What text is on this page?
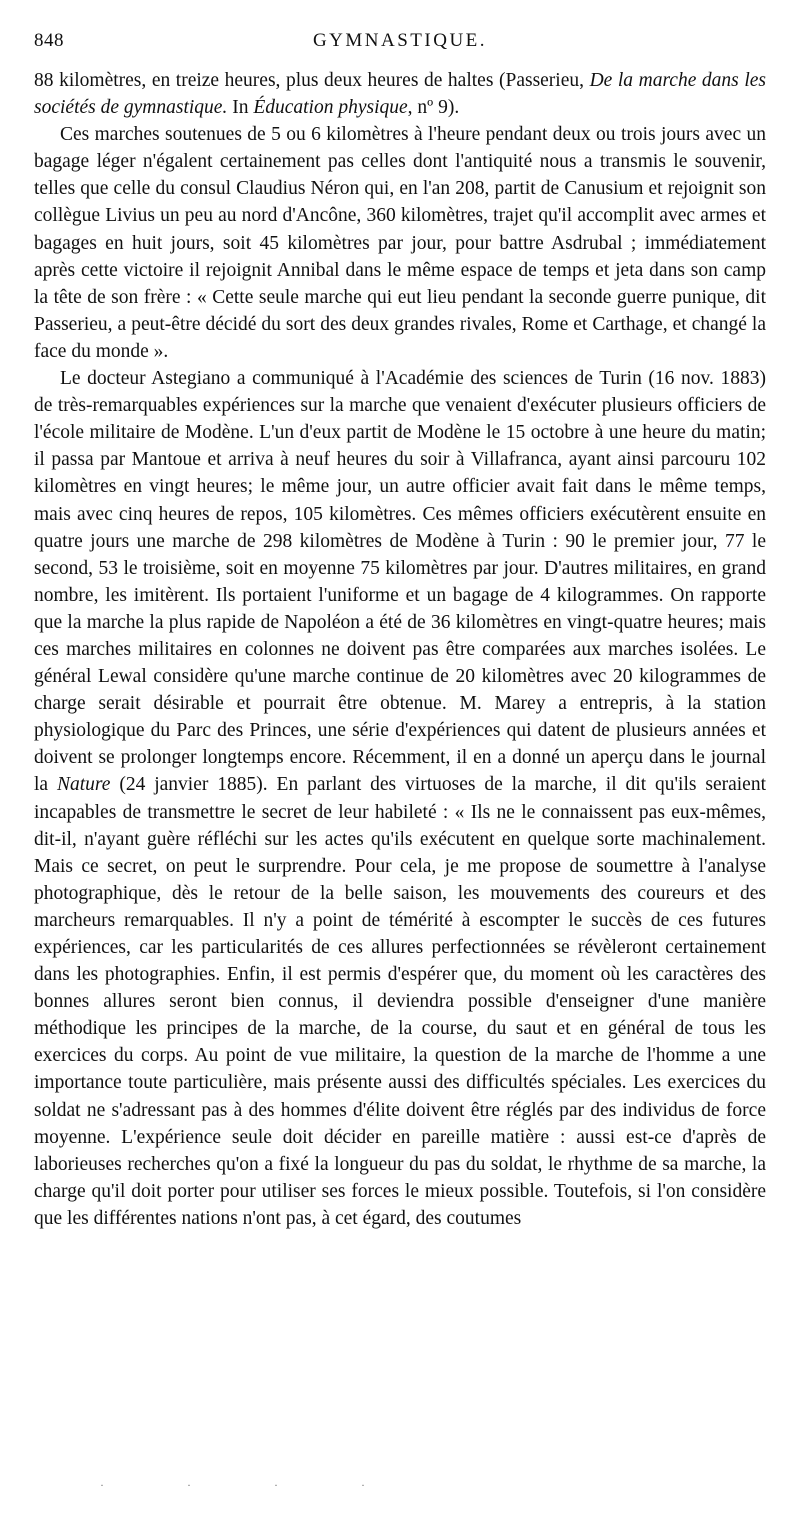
848	GYMNASTIQUE.

88 kilomètres, en treize heures, plus deux heures de haltes (Passerieu, De la marche dans les sociétés de gymnastique. In Éducation physique, nº 9).

Ces marches soutenues de 5 ou 6 kilomètres à l'heure pendant deux ou trois jours avec un bagage léger n'égalent certainement pas celles dont l'antiquité nous a transmis le souvenir, telles que celle du consul Claudius Néron qui, en l'an 208, partit de Canusium et rejoignit son collègue Livius un peu au nord d'Ancône, 360 kilomètres, trajet qu'il accomplit avec armes et bagages en huit jours, soit 45 kilomètres par jour, pour battre Asdrubal ; immédiatement après cette victoire il rejoignit Annibal dans le même espace de temps et jeta dans son camp la tête de son frère : « Cette seule marche qui eut lieu pendant la seconde guerre punique, dit Passerieu, a peut-être décidé du sort des deux grandes rivales, Rome et Carthage, et changé la face du monde ».

Le docteur Astegiano a communiqué à l'Académie des sciences de Turin (16 nov. 1883) de très-remarquables expériences sur la marche que venaient d'exécuter plusieurs officiers de l'école militaire de Modène. L'un d'eux partit de Modène le 15 octobre à une heure du matin; il passa par Mantoue et arriva à neuf heures du soir à Villafranca, ayant ainsi parcouru 102 kilomètres en vingt heures; le même jour, un autre officier avait fait dans le même temps, mais avec cinq heures de repos, 105 kilomètres. Ces mêmes officiers exécutèrent ensuite en quatre jours une marche de 298 kilomètres de Modène à Turin : 90 le premier jour, 77 le second, 53 le troisième, soit en moyenne 75 kilomètres par jour. D'autres militaires, en grand nombre, les imitèrent. Ils portaient l'uniforme et un bagage de 4 kilogrammes. On rapporte que la marche la plus rapide de Napoléon a été de 36 kilomètres en vingt-quatre heures; mais ces marches militaires en colonnes ne doivent pas être comparées aux marches isolées. Le général Lewal considère qu'une marche continue de 20 kilomètres avec 20 kilogrammes de charge serait désirable et pourrait être obtenue. M. Marey a entrepris, à la station physiologique du Parc des Princes, une série d'expériences qui datent de plusieurs années et doivent se prolonger longtemps encore. Récemment, il en a donné un aperçu dans le journal la Nature (24 janvier 1885). En parlant des virtuoses de la marche, il dit qu'ils seraient incapables de transmettre le secret de leur habileté : « Ils ne le connaissent pas eux-mêmes, dit-il, n'ayant guère réfléchi sur les actes qu'ils exécutent en quelque sorte machinalement. Mais ce secret, on peut le surprendre. Pour cela, je me propose de soumettre à l'analyse photographique, dès le retour de la belle saison, les mouvements des coureurs et des marcheurs remarquables. Il n'y a point de témérité à escompter le succès de ces futures expériences, car les particularités de ces allures perfectionnées se révèleront certainement dans les photographies. Enfin, il est permis d'espérer que, du moment où les caractères des bonnes allures seront bien connus, il deviendra possible d'enseigner d'une manière méthodique les principes de la marche, de la course, du saut et en général de tous les exercices du corps. Au point de vue militaire, la question de la marche de l'homme a une importance toute particulière, mais présente aussi des difficultés spéciales. Les exercices du soldat ne s'adressant pas à des hommes d'élite doivent être réglés par des individus de force moyenne. L'expérience seule doit décider en pareille matière : aussi est-ce d'après de laborieuses recherches qu'on a fixé la longueur du pas du soldat, le rhythme de sa marche, la charge qu'il doit porter pour utiliser ses forces le mieux possible. Toutefois, si l'on considère que les différentes nations n'ont pas, à cet égard, des coutumes

· · · ·
